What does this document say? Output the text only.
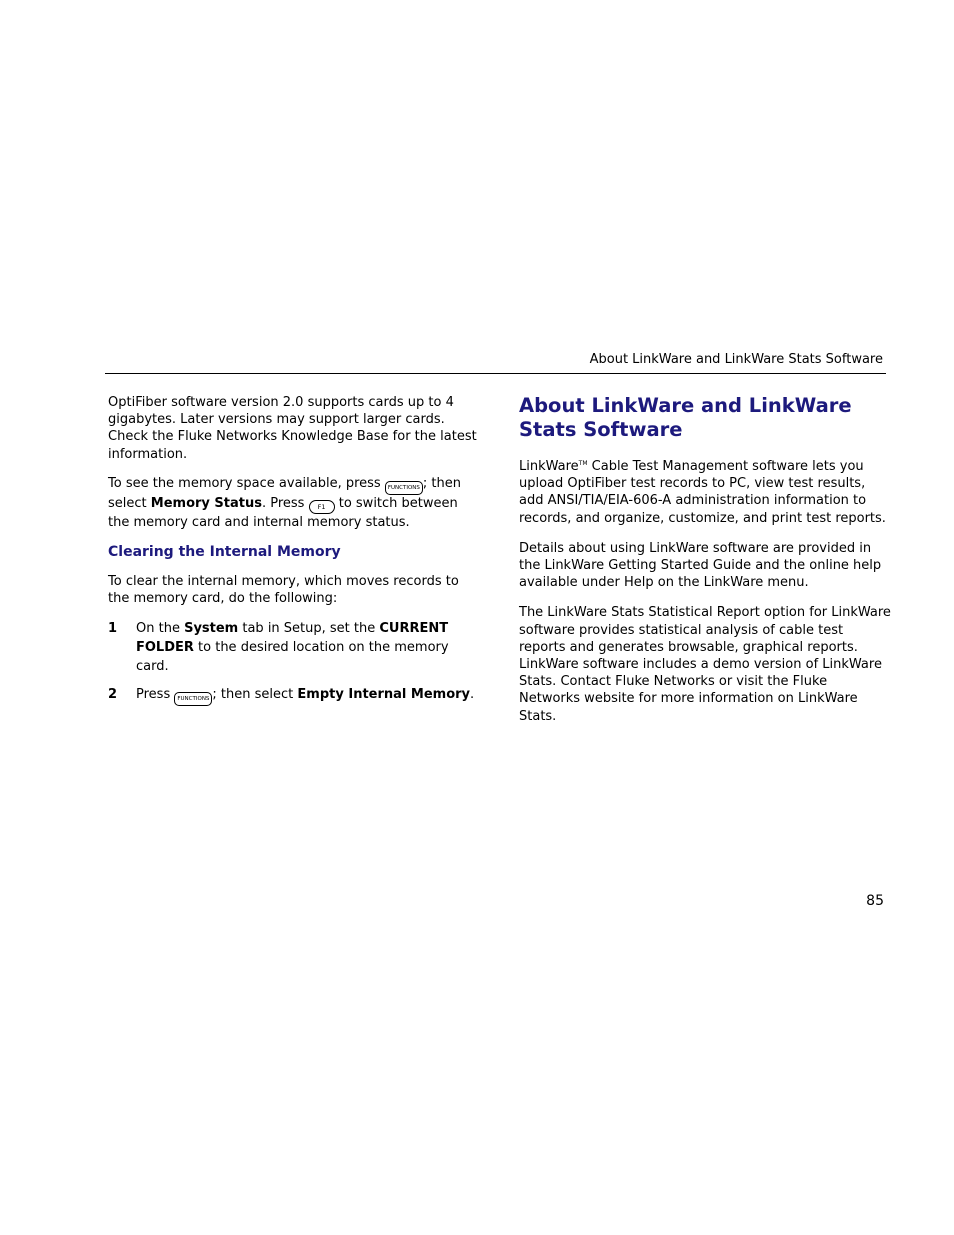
About LinkWare and LinkWare Stats Software

OptiFiber software version 2.0 supports cards up to 4 gigabytes. Later versions may support larger cards. Check the Fluke Networks Knowledge Base for the latest information.

To see the memory space available, press FUNCTIONS ; then select Memory Status. Press F1 to switch between the memory card and internal memory status.

Clearing the Internal Memory

To clear the internal memory, which moves records to the memory card, do the following:

1	On the System tab in Setup, set the CURRENT FOLDER to the desired location on the memory card.
2	Press FUNCTIONS ; then select Empty Internal Memory.
About LinkWare and LinkWare Stats Software

LinkWare™ Cable Test Management software lets you upload OptiFiber test records to PC, view test results, add ANSI/TIA/EIA-606-A administration information to records, and organize, customize, and print test reports.

Details about using LinkWare software are provided in the LinkWare Getting Started Guide and the online help available under Help on the LinkWare menu.

The LinkWare Stats Statistical Report option for LinkWare software provides statistical analysis of cable test reports and generates browsable, graphical reports. LinkWare software includes a demo version of LinkWare Stats. Contact Fluke Networks or visit the Fluke Networks website for more information on LinkWare Stats.

85
